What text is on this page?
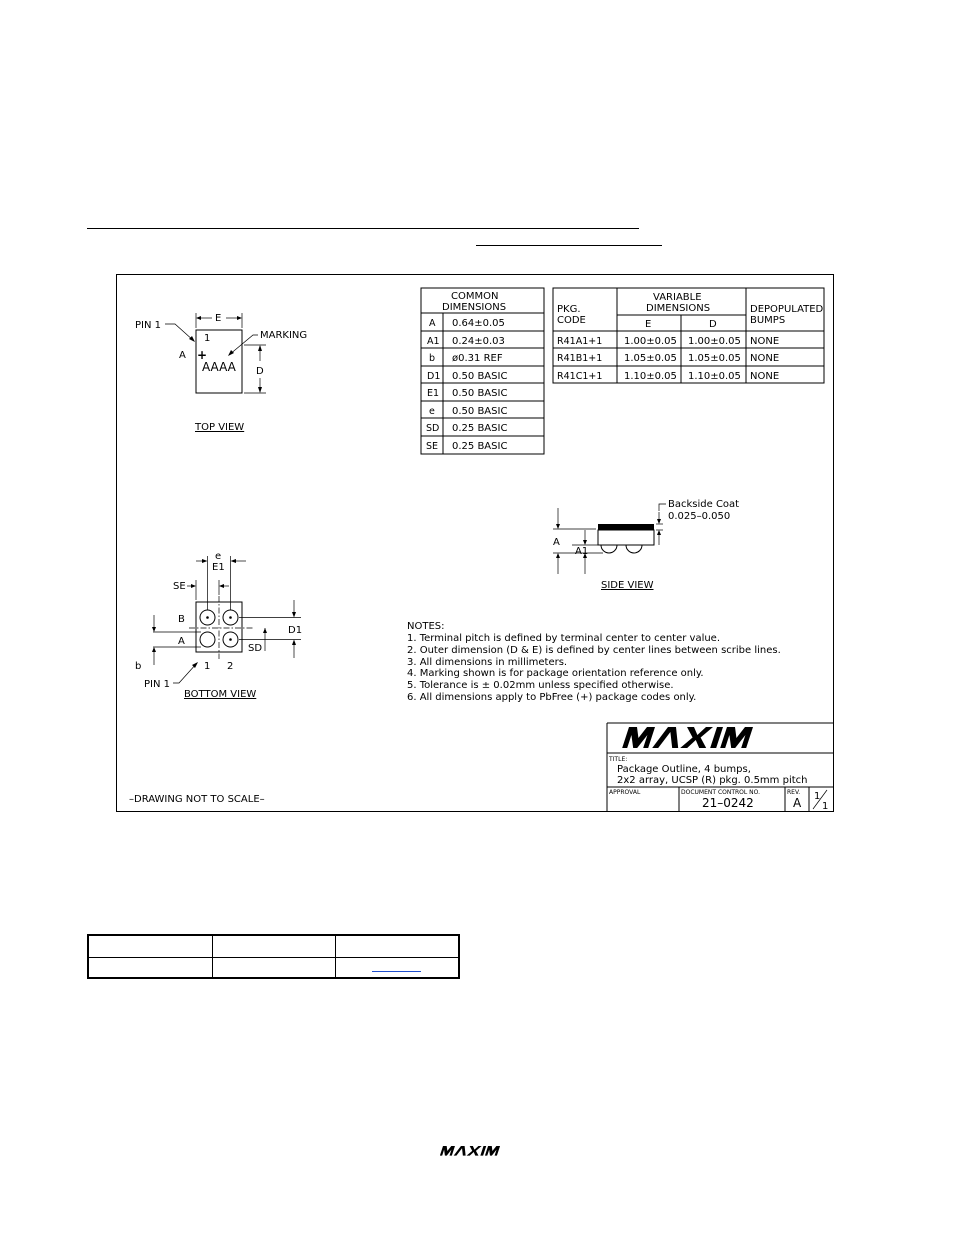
E
D
PIN 1
1
A +
MARKING
AAAA
TOP VIEW
e
E1
SE
B
A
D1
SD
b	1 2
PIN 1
BOTTOM VIEW
A
A1
Backside Coat
0.025–0.050
SIDE VIEW
COMMON
DIMENSIONS
A 0.64±0.05
A1 0.24±0.03
b ø0.31 REF
D1 0.50 BASIC
E1 0.50 BASIC
e 0.50 BASIC
SD 0.25 BASIC
SE 0.25 BASIC
PKG.
CODE
VARIABLE
DIMENSIONS
E	D
DEPOPULATED
BUMPS
R41A1+1 1.00±0.05 1.00±0.05 NONE
R41B1+1 1.05±0.05 1.05±0.05 NONE
R41C1+1 1.10±0.05 1.10±0.05 NONE
NOTES:
1. Terminal pitch is defined by terminal center to center value.
2. Outer dimension (D & E) is defined by center lines between scribe lines.
3. All dimensions in millimeters.
4. Marking shown is for package orientation reference only.
5. Tolerance is ± 0.02mm unless specified otherwise.
6. All dimensions apply to PbFree (+) package codes only.
–DRAWING NOT TO SCALE–
TITLE:
Package Outline, 4 bumps,
2x2 array, UCSP (R) pkg. 0.5mm pitch
APPROVAL	DOCUMENT CONTROL NO.
21–0242
REV.
A 1
1
